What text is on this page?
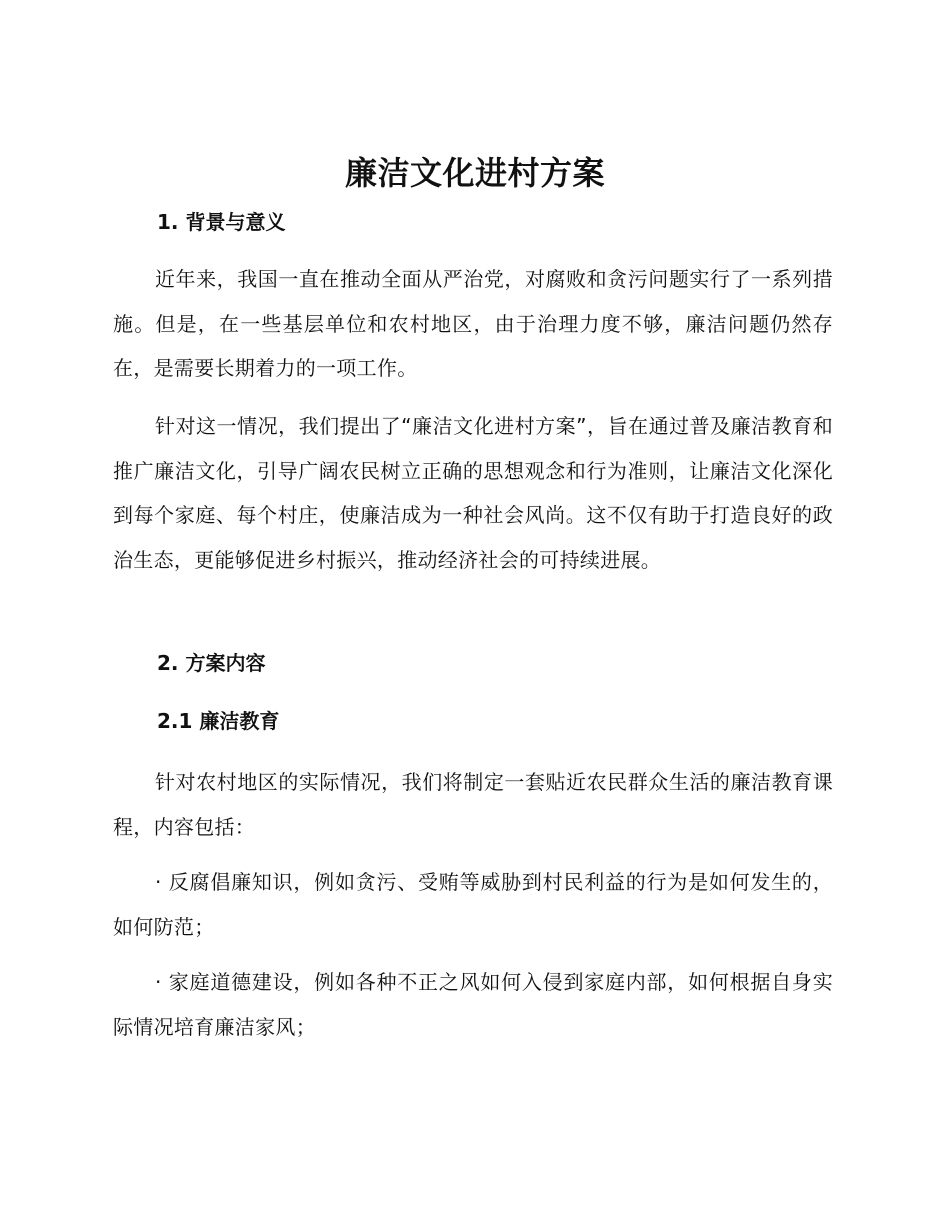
廉洁文化进村方案
1. 背景与意义

近年来，我国一直在推动全面从严治党，对腐败和贪污问题实行了一系列措施。但是，在一些基层单位和农村地区，由于治理力度不够，廉洁问题仍然存在，是需要长期着力的一项工作。

针对这一情况，我们提出了“廉洁文化进村方案”，旨在通过普及廉洁教育和推广廉洁文化，引导广阔农民树立正确的思想观念和行为准则，让廉洁文化深化到每个家庭、每个村庄，使廉洁成为一种社会风尚。这不仅有助于打造良好的政治生态，更能够促进乡村振兴，推动经济社会的可持续进展。

2. 方案内容
2.1 廉洁教育

针对农村地区的实际情况，我们将制定一套贴近农民群众生活的廉洁教育课程，内容包括：

· 反腐倡廉知识，例如贪污、受贿等威胁到村民利益的行为是如何发生的，如何防范；

· 家庭道德建设，例如各种不正之风如何入侵到家庭内部，如何根据自身实际情况培育廉洁家风；
